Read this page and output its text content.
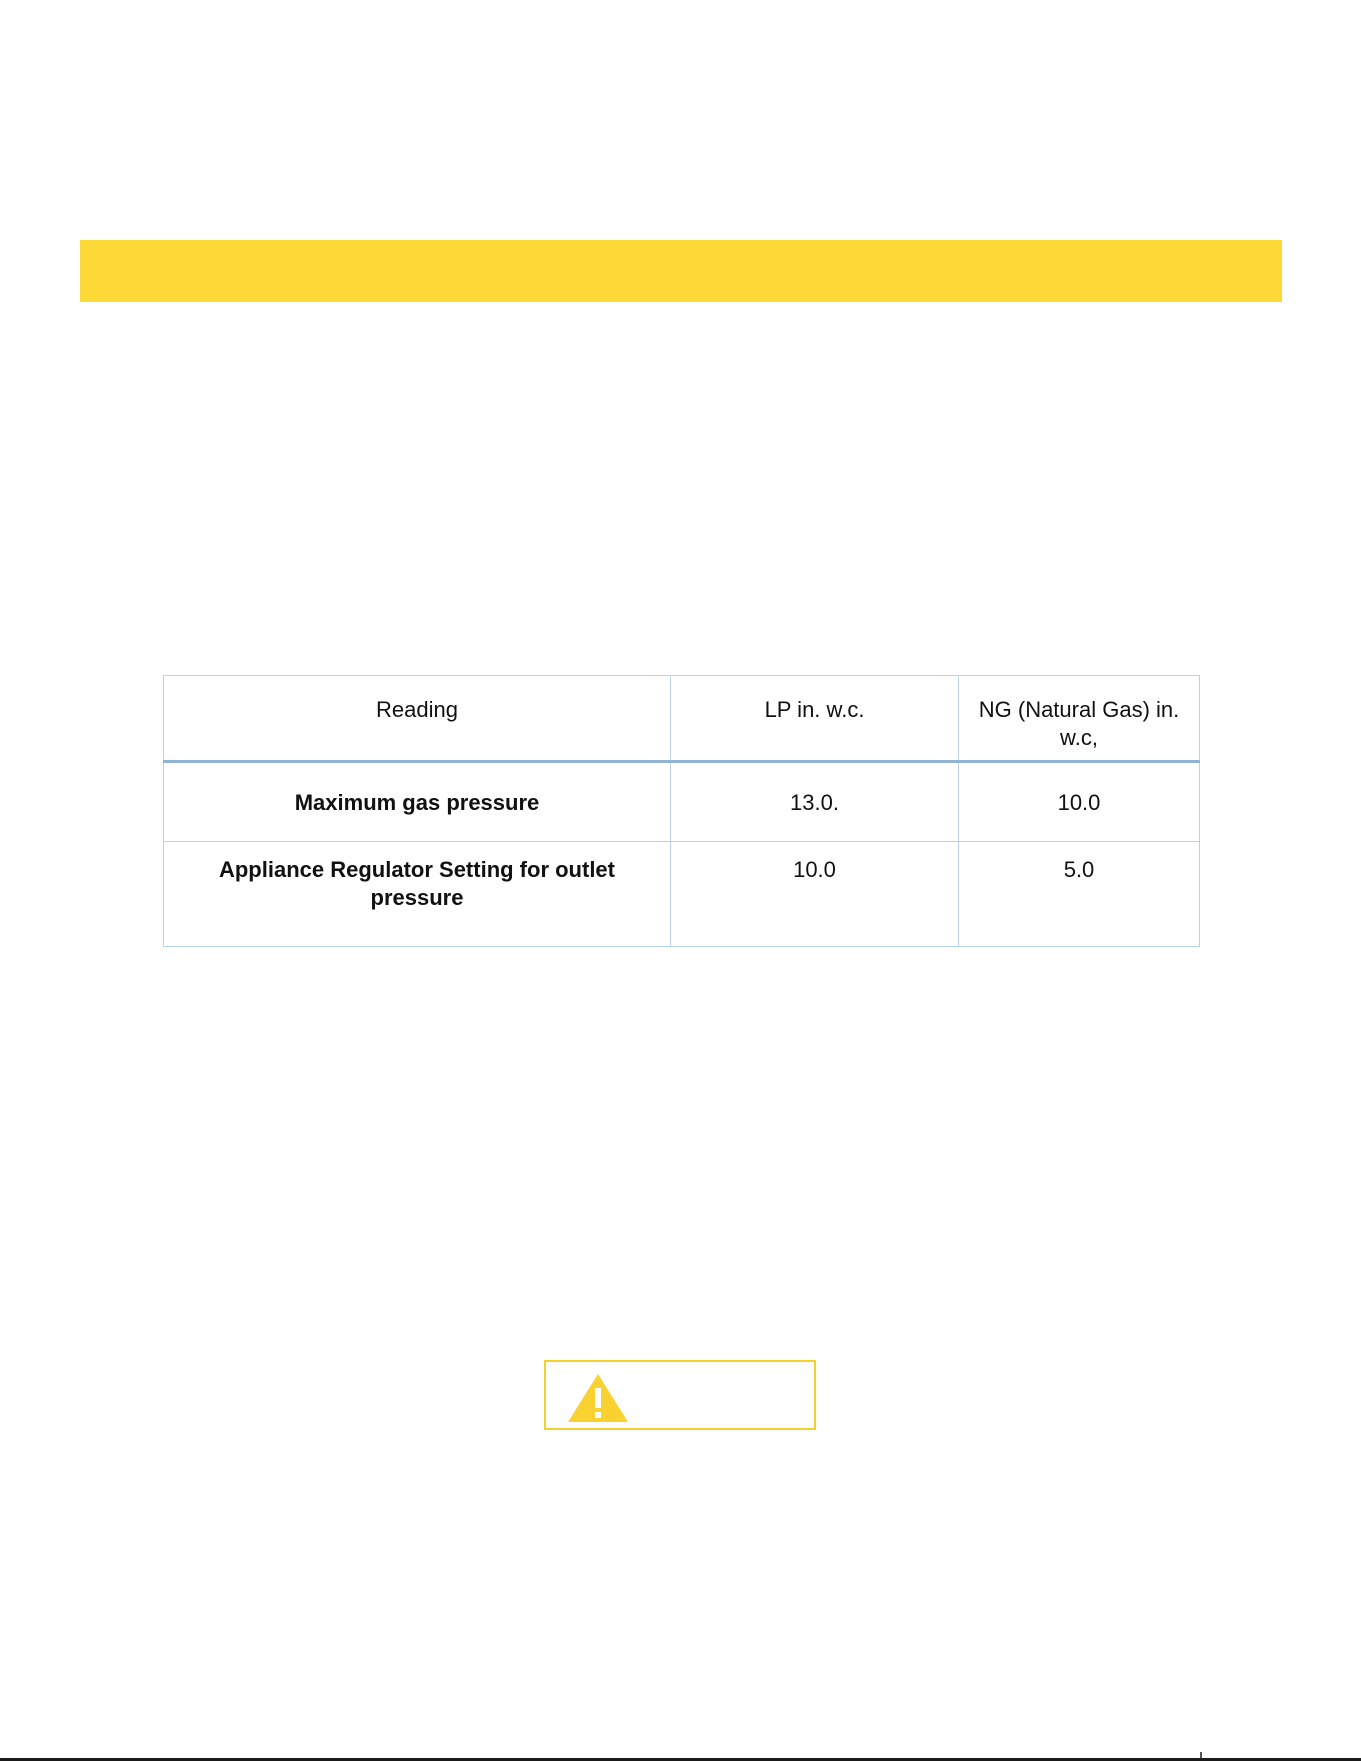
Reading	LP in. w.c.	NG (Natural Gas) in. w.c,
Maximum gas pressure	13.0.	10.0
Appliance Regulator Setting for outlet pressure	10.0	5.0
